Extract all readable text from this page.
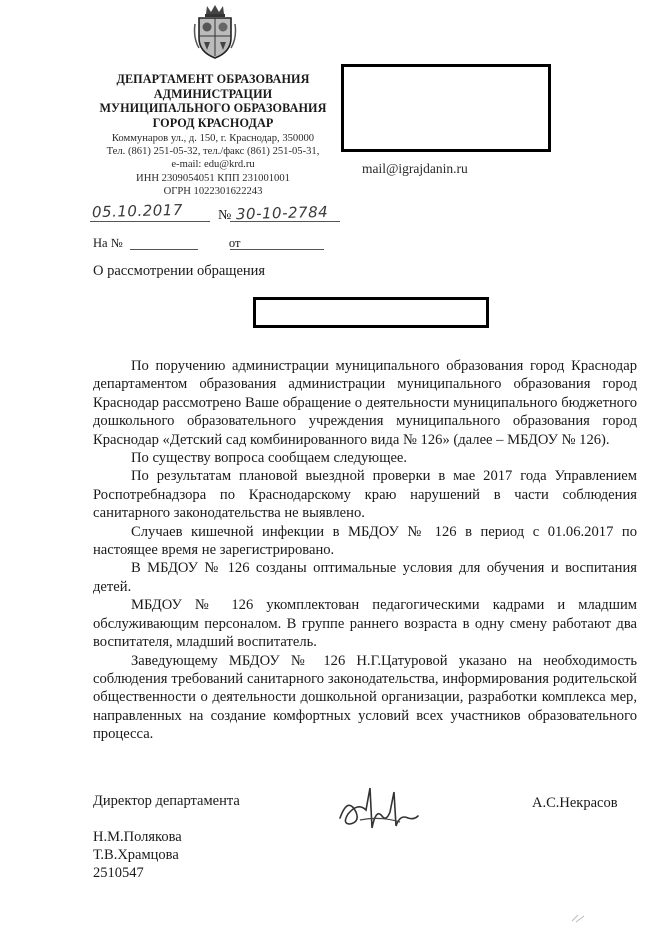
ДЕПАРТАМЕНТ ОБРАЗОВАНИЯ
АДМИНИСТРАЦИИ
МУНИЦИПАЛЬНОГО ОБРАЗОВАНИЯ
ГОРОД КРАСНОДАР
Коммунаров ул., д. 150, г. Краснодар, 350000
Тел. (861) 251-05-32, тел./факс (861) 251-05-31,
e-mail: edu@krd.ru
ИНН 2309054051 КПП 231001001
ОГРН 1022301622243
mail@igrajdanin.ru
05.10.2017 № 30-10-2784
На №	от
О рассмотрении обращения

По поручению администрации муниципального образования город Краснодар департаментом образования администрации муниципального образования город Краснодар рассмотрено Ваше обращение о деятельности муниципального бюджетного дошкольного образовательного учреждения муниципального образования город Краснодар «Детский сад комбинированного вида № 126» (далее – МБДОУ № 126).

По существу вопроса сообщаем следующее.

По результатам плановой выездной проверки в мае 2017 года Управлением Роспотребнадзора по Краснодарскому краю нарушений в части соблюдения санитарного законодательства не выявлено.

Случаев кишечной инфекции в МБДОУ № 126 в период с 01.06.2017 по настоящее время не зарегистрировано.

В МБДОУ № 126 созданы оптимальные условия для обучения и воспитания детей.

МБДОУ № 126 укомплектован педагогическими кадрами и младшим обслуживающим персоналом. В группе раннего возраста в одну смену работают два воспитателя, младший воспитатель.

Заведующему МБДОУ № 126 Н.Г.Цатуровой указано на необходимость соблюдения требований санитарного законодательства, информирования родительской общественности о деятельности дошкольной организации, разработки комплекса мер, направленных на создание комфортных условий всех участников образовательного процесса.

Директор департамента	А.С.Некрасов
Н.М.Полякова
Т.В.Храмцова
2510547
